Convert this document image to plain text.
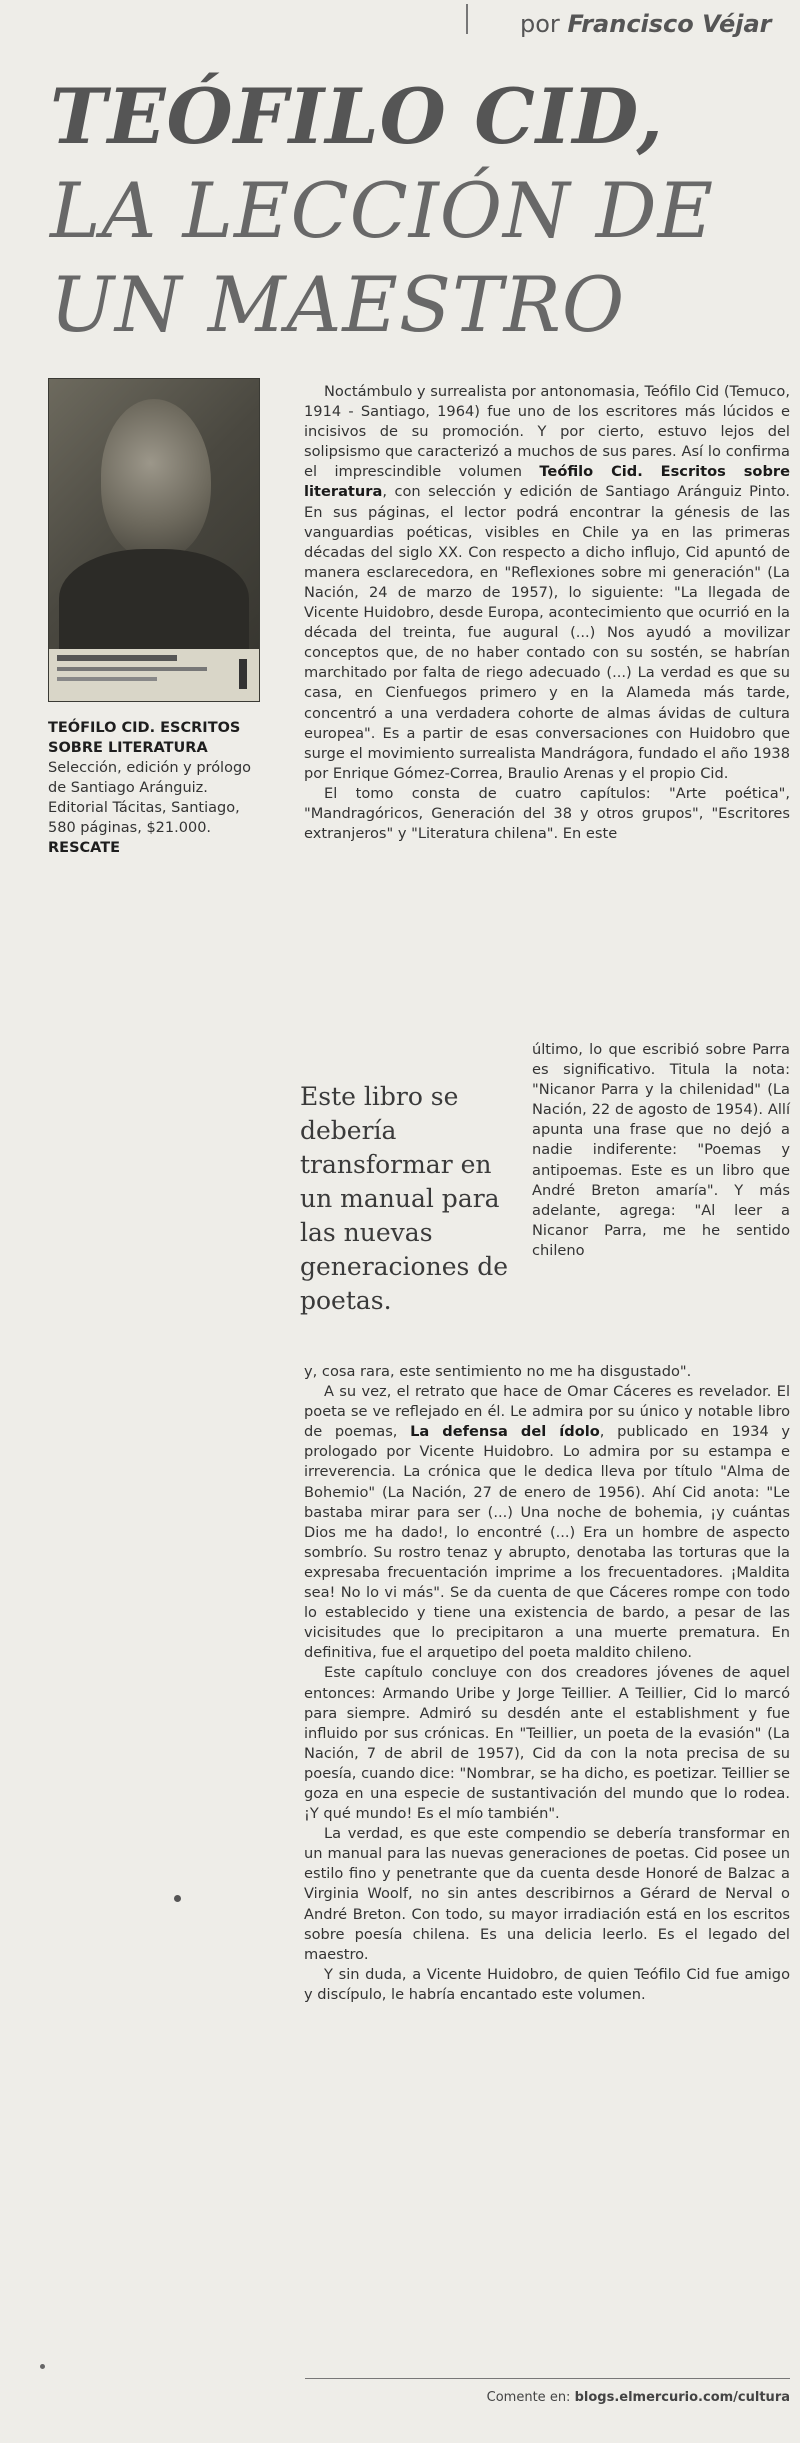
por Francisco Véjar
TEÓFILO CID,
LA LECCIÓN DE
UN MAESTRO
TEÓFILO CID. ESCRITOS SOBRE LITERATURA
Selección, edición y prólogo de Santiago Aránguiz. Editorial Tácitas, Santiago, 580 páginas, $21.000.
RESCATE

Noctámbulo y surrealista por antonomasia, Teófilo Cid (Temuco, 1914 - Santiago, 1964) fue uno de los escritores más lúcidos e incisivos de su promoción. Y por cierto, estuvo lejos del solipsismo que caracterizó a muchos de sus pares. Así lo confirma el imprescindible volumen Teófilo Cid. Escritos sobre literatura, con selección y edición de Santiago Aránguiz Pinto. En sus páginas, el lector podrá encontrar la génesis de las vanguardias poéticas, visibles en Chile ya en las primeras décadas del siglo XX. Con respecto a dicho influjo, Cid apuntó de manera esclarecedora, en "Reflexiones sobre mi generación" (La Nación, 24 de marzo de 1957), lo siguiente: "La llegada de Vicente Huidobro, desde Europa, acontecimiento que ocurrió en la década del treinta, fue augural (...) Nos ayudó a movilizar conceptos que, de no haber contado con su sostén, se habrían marchitado por falta de riego adecuado (...) La verdad es que su casa, en Cienfuegos primero y en la Alameda más tarde, concentró a una verdadera cohorte de almas ávidas de cultura europea". Es a partir de esas conversaciones con Huidobro que surge el movimiento surrealista Mandrágora, fundado el año 1938 por Enrique Gómez-Correa, Braulio Arenas y el propio Cid.

El tomo consta de cuatro capítulos: "Arte poética", "Mandragóricos, Generación del 38 y otros grupos", "Escritores extranjeros" y "Literatura chilena". En este

Este libro se debería transformar en un manual para las nuevas generaciones de poetas.

último, lo que escribió sobre Parra es significativo. Titula la nota: "Nicanor Parra y la chilenidad" (La Nación, 22 de agosto de 1954). Allí apunta una frase que no dejó a nadie indiferente: "Poemas y antipoemas. Este es un libro que André Breton amaría". Y más adelante, agrega: "Al leer a Nicanor Parra, me he sentido chileno

y, cosa rara, este sentimiento no me ha disgustado".

A su vez, el retrato que hace de Omar Cáceres es revelador. El poeta se ve reflejado en él. Le admira por su único y notable libro de poemas, La defensa del ídolo, publicado en 1934 y prologado por Vicente Huidobro. Lo admira por su estampa e irreverencia. La crónica que le dedica lleva por título "Alma de Bohemio" (La Nación, 27 de enero de 1956). Ahí Cid anota: "Le bastaba mirar para ser (...) Una noche de bohemia, ¡y cuántas Dios me ha dado!, lo encontré (...) Era un hombre de aspecto sombrío. Su rostro tenaz y abrupto, denotaba las torturas que la expresaba frecuentación imprime a los frecuentadores. ¡Maldita sea! No lo vi más". Se da cuenta de que Cáceres rompe con todo lo establecido y tiene una existencia de bardo, a pesar de las vicisitudes que lo precipitaron a una muerte prematura. En definitiva, fue el arquetipo del poeta maldito chileno.

Este capítulo concluye con dos creadores jóvenes de aquel entonces: Armando Uribe y Jorge Teillier. A Teillier, Cid lo marcó para siempre. Admiró su desdén ante el establishment y fue influido por sus crónicas. En "Teillier, un poeta de la evasión" (La Nación, 7 de abril de 1957), Cid da con la nota precisa de su poesía, cuando dice: "Nombrar, se ha dicho, es poetizar. Teillier se goza en una especie de sustantivación del mundo que lo rodea. ¡Y qué mundo! Es el mío también".

La verdad, es que este compendio se debería transformar en un manual para las nuevas generaciones de poetas. Cid posee un estilo fino y penetrante que da cuenta desde Honoré de Balzac a Virginia Woolf, no sin antes describirnos a Gérard de Nerval o André Breton. Con todo, su mayor irradiación está en los escritos sobre poesía chilena. Es una delicia leerlo. Es el legado del maestro.

Y sin duda, a Vicente Huidobro, de quien Teófilo Cid fue amigo y discípulo, le habría encantado este volumen.

Comente en: blogs.elmercurio.com/cultura
